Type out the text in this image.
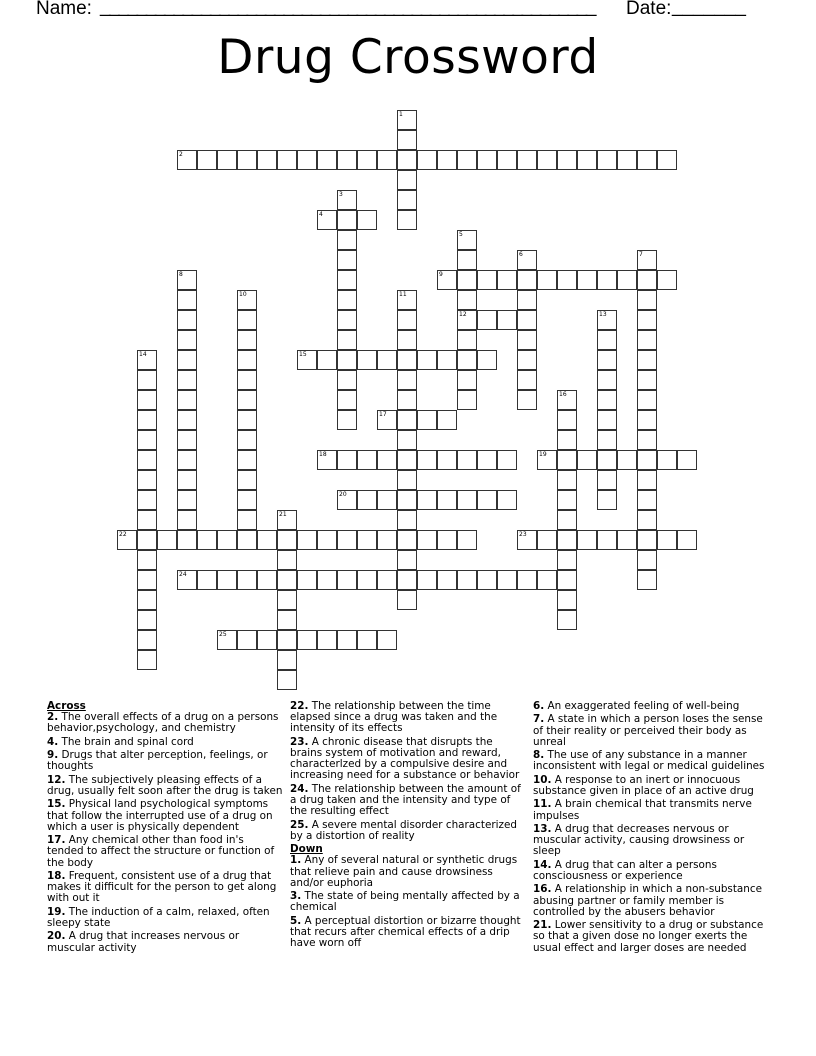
Name: ______________________________________________________ Date: _______
Drug Crossword
1
2
3
4
5
12
6	7
8	9
10	11
13
14	15
16
17
18	19
20
21
22	23
24
25

Across

2. The overall effects of a drug on a persons behavior,psychology, and chemistry

4. The brain and spinal cord

9. Drugs that alter perception, feelings, or thoughts

12. The subjectively pleasing effects of a drug, usually felt soon after the drug is taken

15. Physical land psychological symptoms that follow the interrupted use of a drug on which a user is physically dependent

17. Any chemical other than food in's tended to affect the structure or function of the body

18. Frequent, consistent use of a drug that makes it difficult for the person to get along with out it

19. The induction of a calm, relaxed, often sleepy state

20. A drug that increases nervous or muscular activity

22. The relationship between the time elapsed since a drug was taken and the intensity of its effects

23. A chronic disease that disrupts the brains system of motivation and reward, characterlzed by a compulsive desire and increasing need for a substance or behavior

24. The relationship between the amount of a drug taken and the intensity and type of the resulting effect

25. A severe mental disorder characterized by a distortion of reality

Down

1. Any of several natural or synthetic drugs that relieve pain and cause drowsiness and/or euphoria

3. The state of being mentally affected by a chemical

5. A perceptual distortion or bizarre thought that recurs after chemical effects of a drip have worn off

6. An exaggerated feeling of well-being

7. A state in which a person loses the sense of their reality or perceived their body as unreal

8. The use of any substance in a manner inconsistent with legal or medical guidelines

10. A response to an inert or innocuous substance given in place of an active drug

11. A brain chemical that transmits nerve impulses

13. A drug that decreases nervous or muscular activity, causing drowsiness or sleep

14. A drug that can alter a persons consciousness or experience

16. A relationship in which a non-substance abusing partner or family member is controlled by the abusers behavior

21. Lower sensitivity to a drug or substance so that a given dose no longer exerts the usual effect and larger doses are needed
